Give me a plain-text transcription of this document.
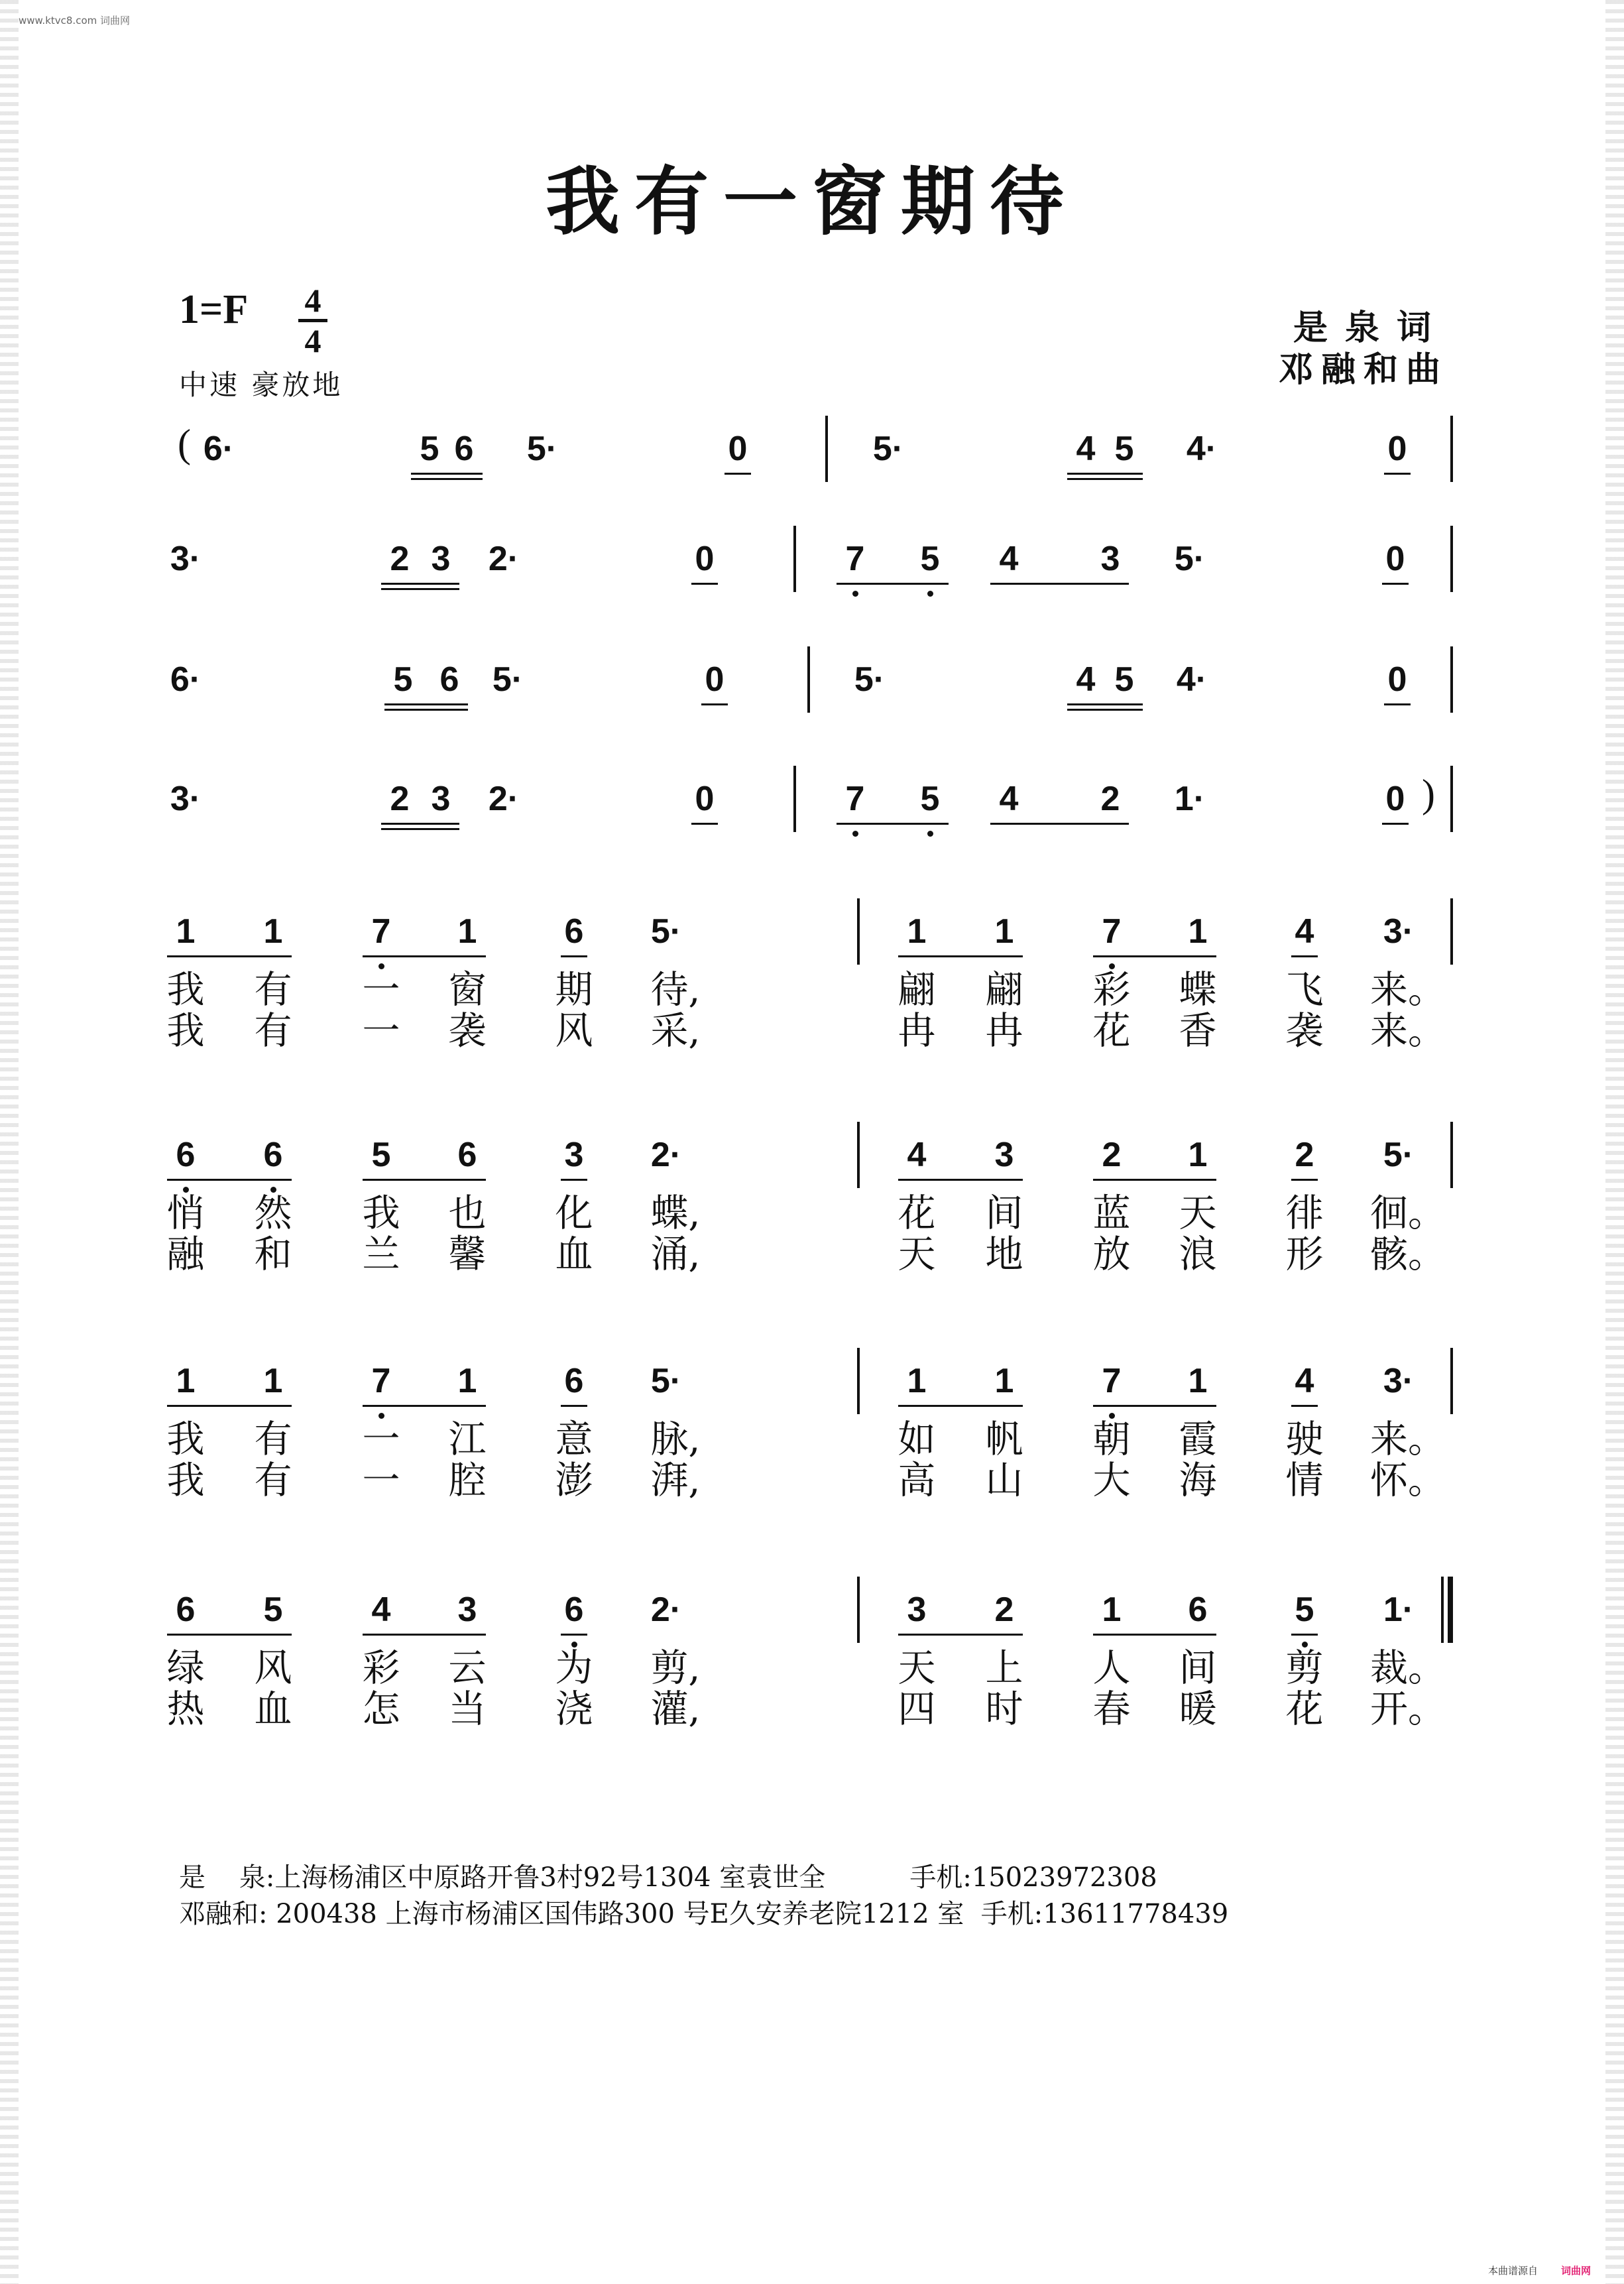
www.ktvc8.com 词曲网
我有一窗期待
$1=F \frac{4}{4}$
中速 豪放地
是泉词
邓融和曲
6·	5 6 5·	0	5·	4 5 4·	0
3·	2 3 2·	0	7 5 4 3 5·	0
6·	5 6 5·	0	5·	4 5 4·	0
3·	2 3 2·	0	7 5 4 2 1·	0
(
)
1 1	7 1	6 5·	1 1	7 1	4 3·
我 有 一 窗 期 待,	翩 翩 彩 蝶 飞 来。
我 有 一 袭 风 采,	冉 冉 花 香 袭 来。
6 6	5 6	3 2·	4 3	2 1	2 5·
悄 然 我 也 化 蝶,	花 间 蓝 天 徘 徊。
融 和 兰 馨 血 涌,	天 地 放 浪 形 骸。
1 1	7 1	6 5·	1 1	7 1	4 3·
我 有 一 江 意 脉,	如 帆 朝 霞 驶 来。
我 有 一 腔 澎 湃,	高 山 大 海 情 怀。
6 5	4 3	6 2·	3 2	1 6	5 1·
绿 风 彩 云 为 剪,	天 上 人 间 剪 裁。
热 血 怎 当 浇 灌,	四 时 春 暖 花 开。
是    泉:上海杨浦区中原路开鲁3村92号1304 室袁世全          手机:15023972308
邓融和: 200438 上海市杨浦区国伟路300 号E久安养老院1212 室  手机:13611778439
本曲谱源自 词曲网
